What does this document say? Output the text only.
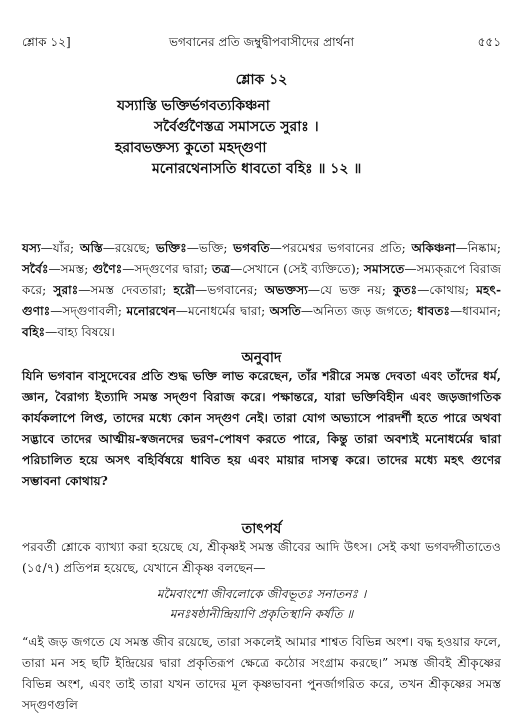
শ্লোক ১২]	ভগবানের প্রতি জম্বুদ্বীপবাসীদের প্রার্থনা	৫৫১
শ্লোক ১২
যস্যাস্তি ভক্তির্ভগবত্যকিঞ্চনা
সর্বৈর্গুণৈস্তত্র সমাসতে সুরাঃ ।
হরাবভক্তস্য কুতো মহদ্গুণা
মনোরথেনাসতি ধাবতো বহিঃ ॥ ১২ ॥

যস্য—যাঁর; অস্তি—রয়েছে; ভক্তিঃ—ভক্তি; ভগবতি—পরমেশ্বর ভগবানের প্রতি; অকিঞ্চনা—নিষ্কাম; সর্বৈঃ—সমস্ত; গুণৈঃ—সদ্গুণের দ্বারা; তত্র—সেখানে (সেই ব্যক্তিতে); সমাসতে—সম্যক্‌রূপে বিরাজ করে; সুরাঃ—সমস্ত দেবতারা; হরৌ—ভগবানের; অভক্তস্য—যে ভক্ত নয়; কুতঃ—কোথায়; মহৎ-গুণাঃ—সদ্গুণাবলী; মনোরথেন—মনোধর্মের দ্বারা; অসতি—অনিত্য জড় জগতে; ধাবতঃ—ধাবমান; বহিঃ—বাহ্য বিষয়ে।

অনুবাদ

যিনি ভগবান বাসুদেবের প্রতি শুদ্ধ ভক্তি লাভ করেছেন, তাঁর শরীরে সমস্ত দেবতা এবং তাঁদের ধর্ম, জ্ঞান, বৈরাগ্য ইত্যাদি সমস্ত সদ্গুণ বিরাজ করে। পক্ষান্তরে, যারা ভক্তিবিহীন এবং জড়জাগতিক কার্যকলাপে লিপ্ত, তাদের মধ্যে কোন সদ্গুণ নেই। তারা যোগ অভ্যাসে পারদর্শী হতে পারে অথবা সদ্ভাবে তাদের আত্মীয়-স্বজনদের ভরণ-পোষণ করতে পারে, কিন্তু তারা অবশ্যই মনোধর্মের দ্বারা পরিচালিত হয়ে অসৎ বহির্বিষয়ে ধাবিত হয় এবং মায়ার দাসত্ব করে। তাদের মধ্যে মহৎ গুণের সম্ভাবনা কোথায়?

তাৎপর্য

পরবর্তী শ্লোকে ব্যাখ্যা করা হয়েছে যে, শ্রীকৃষ্ণই সমস্ত জীবের আদি উৎস। সেই কথা ভগবদ্গীতাতেও (১৫/৭) প্রতিপন্ন হয়েছে, যেখানে শ্রীকৃষ্ণ বলছেন—

মমৈবাংশো জীবলোকে জীবভূতঃ সনাতনঃ ।
মনঃষষ্ঠানীন্দ্রিয়াণি প্রকৃতিস্থানি কর্ষতি ॥

“এই জড় জগতে যে সমস্ত জীব রয়েছে, তারা সকলেই আমার শাশ্বত বিভিন্ন অংশ। বদ্ধ হওয়ার ফলে, তারা মন সহ ছটি ইন্দ্রিয়ের দ্বারা প্রকৃতিরূপ ক্ষেত্রে কঠোর সংগ্রাম করছে।” সমস্ত জীবই শ্রীকৃষ্ণের বিভিন্ন অংশ, এবং তাই তারা যখন তাদের মূল কৃষ্ণভাবনা পুনর্জাগরিত করে, তখন শ্রীকৃষ্ণের সমস্ত সদ্গুণগুলি
